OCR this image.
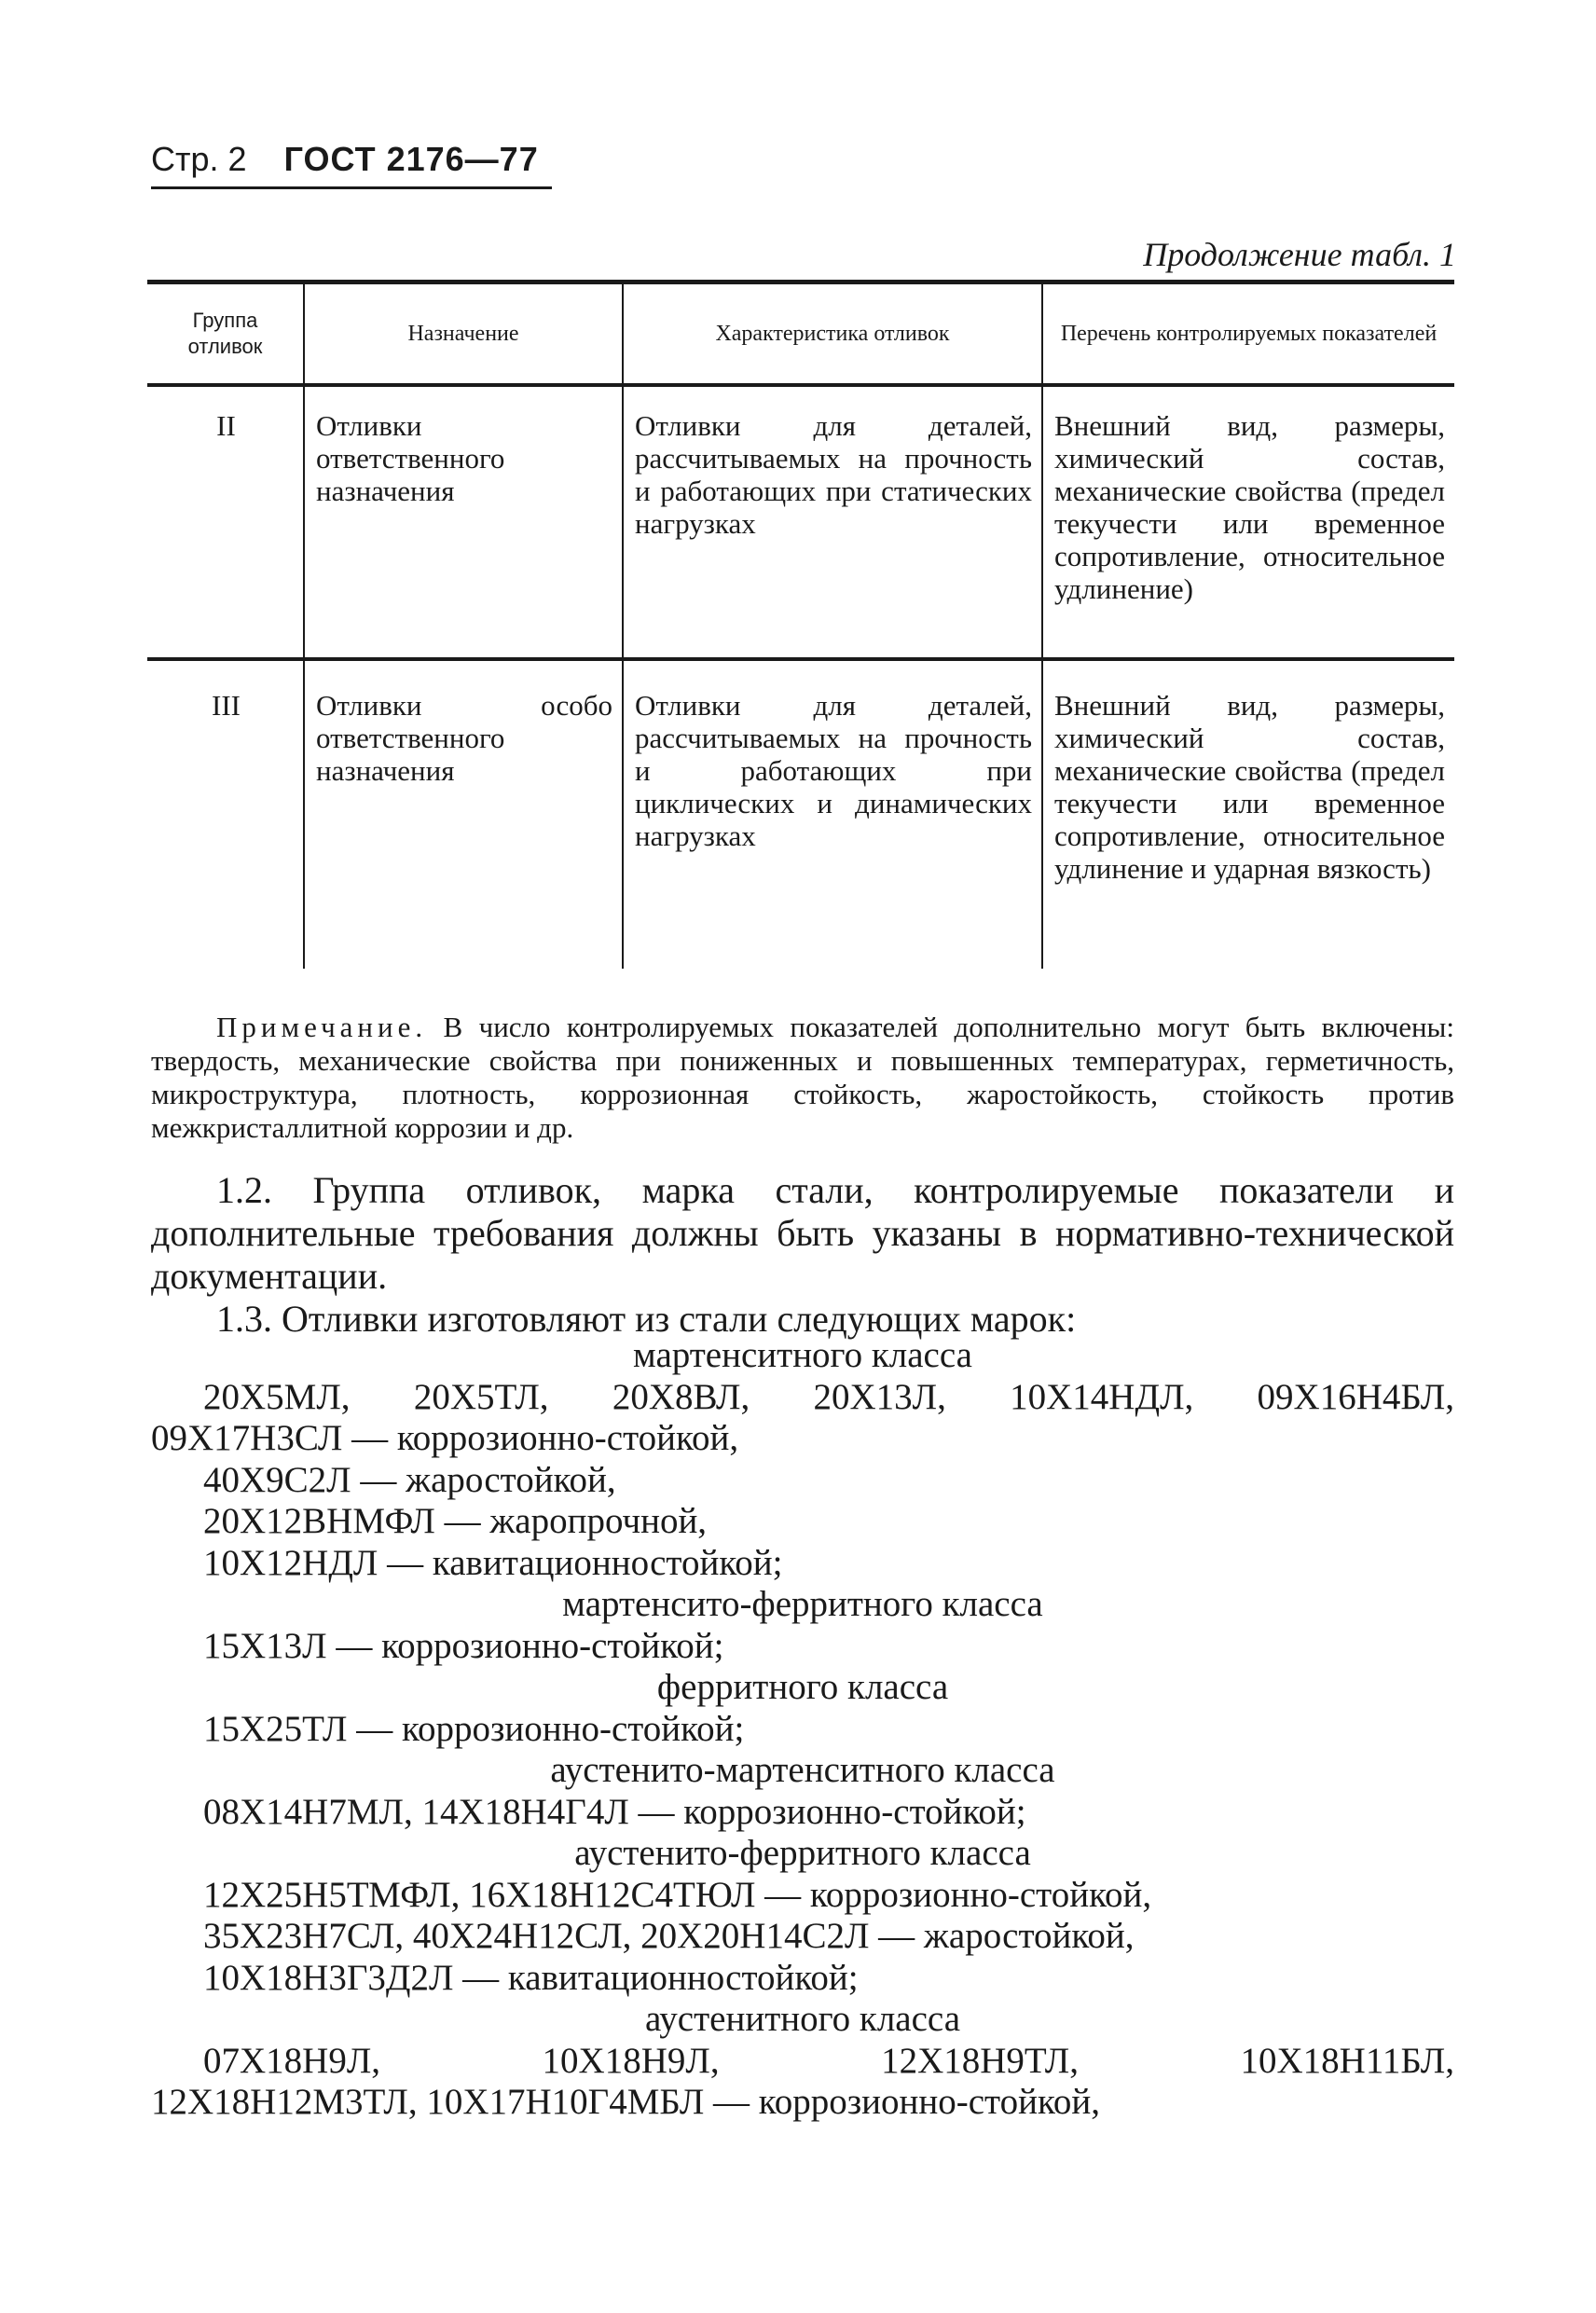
Стр. 2 ГОСТ 2176—77
Продолжение табл. 1
Группа отливок	Назначение	Характеристика отливок	Перечень контролируемых показателей
II	Отливки ответственного назначения	Отливки для деталей, рассчитываемых на прочность и работающих при статических нагрузках	Внешний вид, размеры, химический состав, механические свойства (предел текучести или временное сопротивление, относительное удлинение)
III	Отливки особо ответственного назначения	Отливки для деталей, рассчитываемых на прочность и работающих при циклических и динамических нагрузках	Внешний вид, размеры, химический состав, механические свойства (предел текучести или временное сопротивление, относительное удлинение и ударная вязкость)
Примечание. В число контролируемых показателей дополнительно могут быть включены: твердость, механические свойства при пониженных и повышенных температурах, герметичность, микроструктура, плотность, коррозионная стойкость, жаростойкость, стойкость против межкристаллитной коррозии и др.

1.2. Группа отливок, марка стали, контролируемые показатели и дополнительные требования должны быть указаны в нормативно-технической документации.

1.3. Отливки изготовляют из стали следующих марок:

мартенситного класса
20Х5МЛ, 20Х5ТЛ, 20Х8ВЛ, 20Х13Л, 10Х14НДЛ, 09Х16Н4БЛ,
09Х17Н3СЛ — коррозионно-стойкой,
40Х9С2Л — жаростойкой,
20Х12ВНМФЛ — жаропрочной,
10Х12НДЛ — кавитационностойкой;
мартенсито-ферритного класса
15Х13Л — коррозионно-стойкой;
ферритного класса
15Х25ТЛ — коррозионно-стойкой;
аустенито-мартенситного класса
08Х14Н7МЛ, 14Х18Н4Г4Л — коррозионно-стойкой;
аустенито-ферритного класса
12Х25Н5ТМФЛ, 16Х18Н12С4ТЮЛ — коррозионно-стойкой,
35Х23Н7СЛ, 40Х24Н12СЛ, 20Х20Н14С2Л — жаростойкой,
10Х18Н3Г3Д2Л — кавитационностойкой;
аустенитного класса
07Х18Н9Л, 10Х18Н9Л, 12Х18Н9ТЛ, 10Х18Н11БЛ,
12Х18Н12М3ТЛ, 10Х17Н10Г4МБЛ — коррозионно-стойкой,
